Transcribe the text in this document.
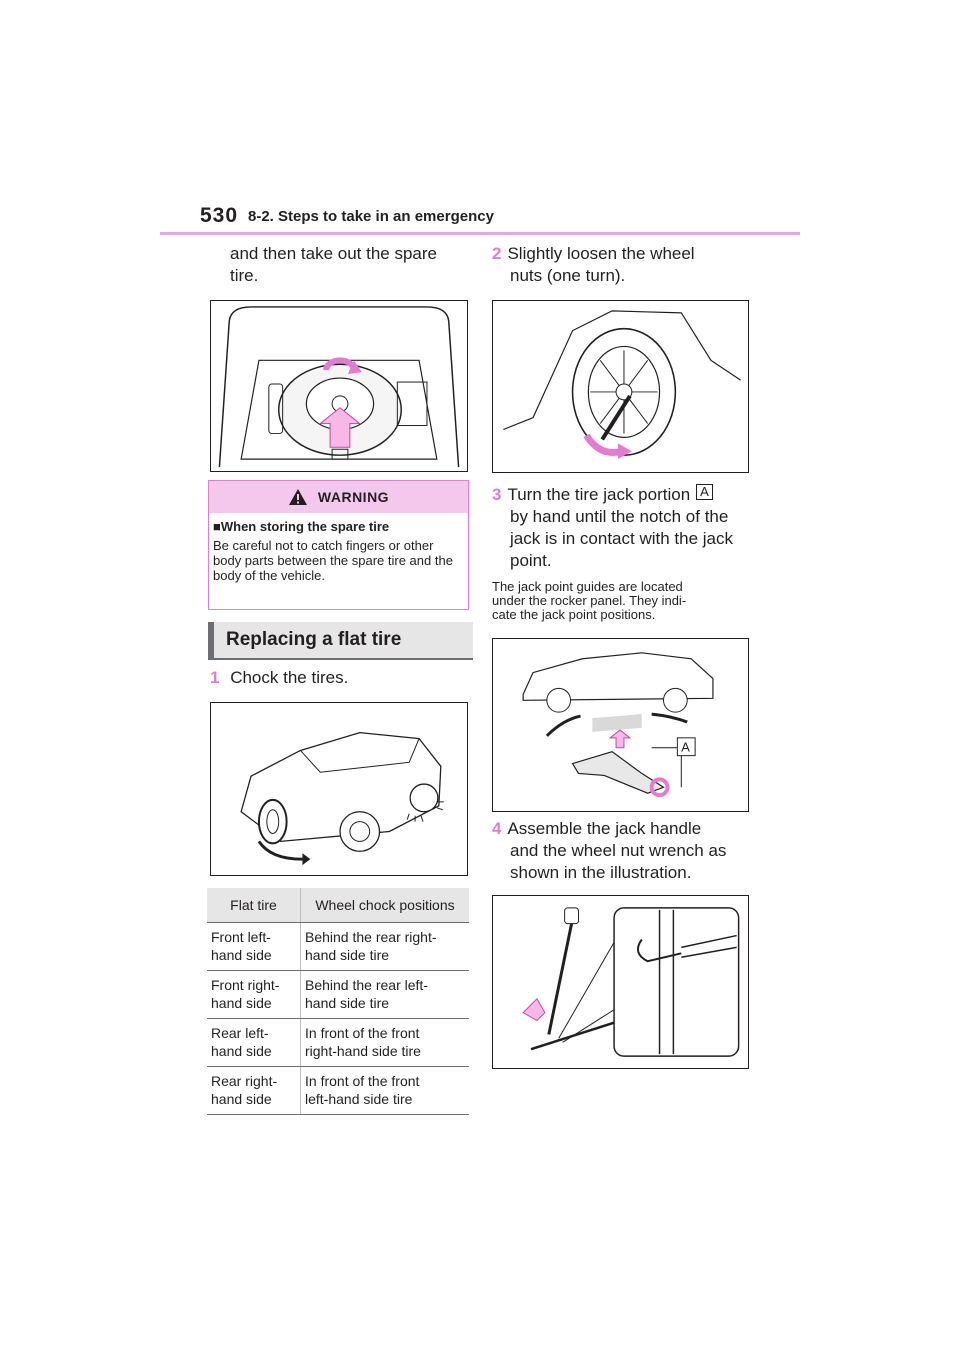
530 8-2. Steps to take in an emergency
and then take out the spare
tire.
WARNING
■When storing the spare tire
Be careful not to catch fingers or other body parts between the spare tire and the body of the vehicle.
Replacing a flat tire
1 Chock the tires.
Flat tire	Wheel chock positions
Front left-
hand side	Behind the rear right-
hand side tire
Front right-
hand side	Behind the rear left-
hand side tire
Rear left-
hand side	In front of the front
right-hand side tire
Rear right-
hand side	In front of the front
left-hand side tire
2 Slightly loosen the wheel
nuts (one turn).
3 Turn the tire jack portion A
by hand until the notch of the
jack is in contact with the jack
point.
The jack point guides are located
under the rocker panel. They indi-
cate the jack point positions.
A
4 Assemble the jack handle
and the wheel nut wrench as
shown in the illustration.
